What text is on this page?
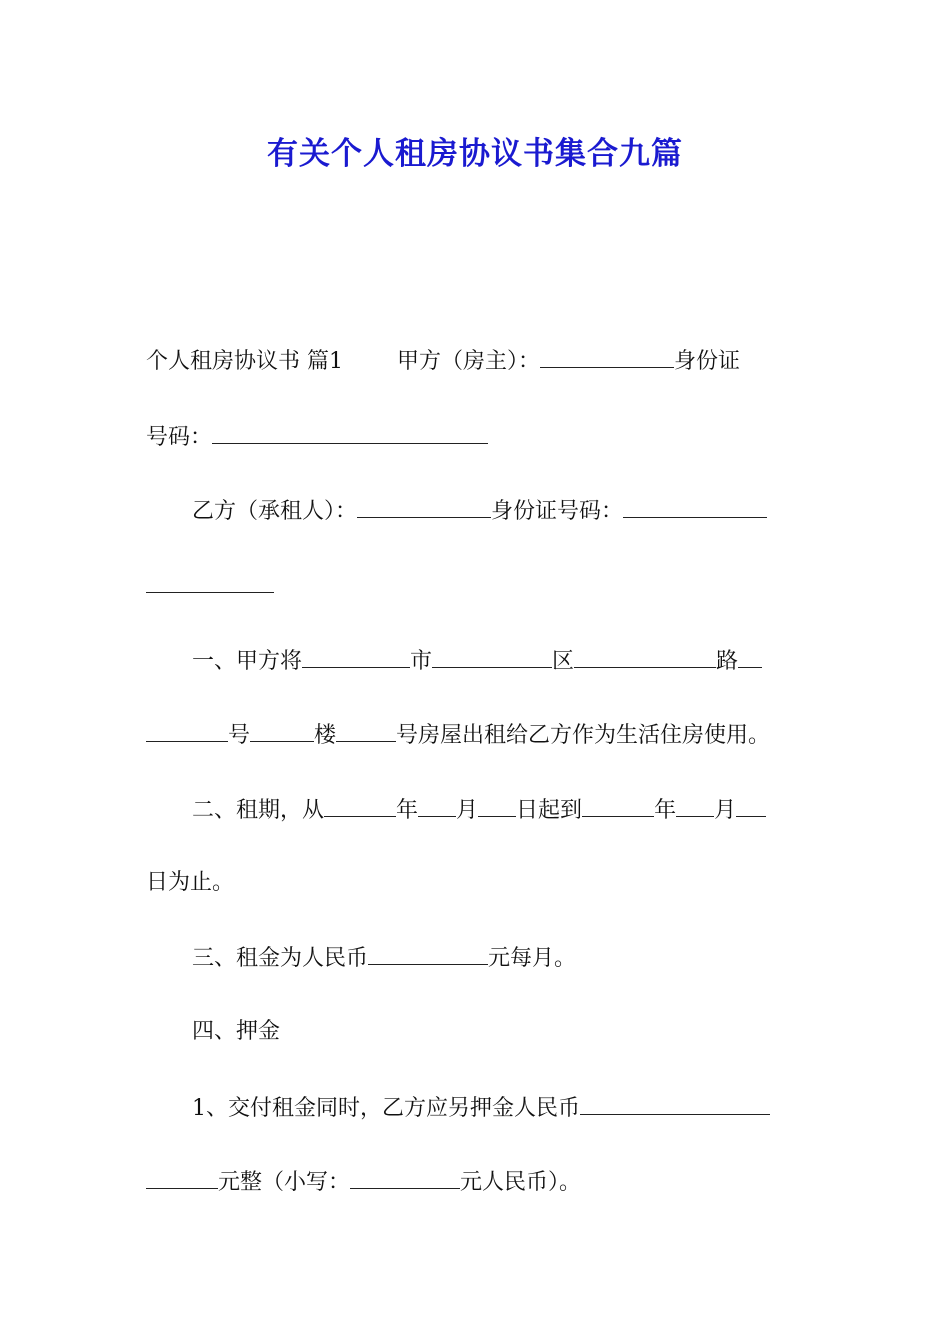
有关个人租房协议书集合九篇

个人租房协议书 篇1 甲方（房主）：	身份证

号码：

乙方（承租人）：	身份证号码：

一、甲方将	市	区	路

号	楼	号房屋出租给乙方作为生活住房使用。

二、租期，从	年 月 日起到	年 月

日为止。

三、租金为人民币	元每月。

四、押金

1、交付租金同时，乙方应另押金人民币

元整（小写：	元人民币）。
